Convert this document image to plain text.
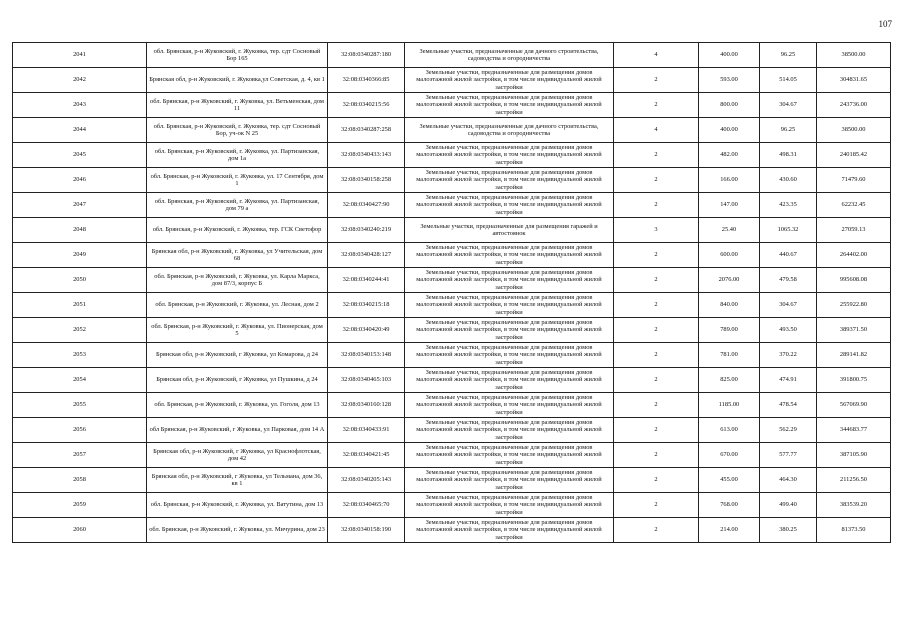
107
2041	обл. Брянская, р-н Жуковский, г. Жуковка, тер. сдт Сосновый Бор 165	32:08:0340287:180	Земельные участки, предназначенные для дачного строительства, садоводства и огородничества	4	400.00	96.25	38500.00
2042	Брянская обл, р-н Жуковский, г. Жуковка,ул Советская, д. 4, кв 1	32:08:0340366:85	Земельные участки, предназначенные для размещения домов малоэтажной жилой застройки, в том числе индивидуальной жилой застройки	2	593.00	514.05	304831.65
2043	обл. Брянская, р-н Жуковский, г. Жуковка, ул. Ветьменская, дом 11	32:08:0340215:56	Земельные участки, предназначенные для размещения домов малоэтажной жилой застройки, в том числе индивидуальной жилой застройки	2	800.00	304.67	243736.00
2044	обл. Брянская, р-н Жуковский, г. Жуковка, тер. сдт Сосновый Бор, уч-ок N 25	32:08:0340287:258	Земельные участки, предназначенные для дачного строительства, садоводства и огородничества	4	400.00	96.25	38500.00
2045	обл. Брянская, р-н Жуковский, г. Жуковка, ул. Партизанская, дом 1а	32:08:0340433:143	Земельные участки, предназначенные для размещения домов малоэтажной жилой застройки, в том числе индивидуальной жилой застройки	2	482.00	498.31	240185.42
2046	обл. Брянская, р-н Жуковский, г. Жуковка, ул. 17 Сентября, дом 1	32:08:0340158:258	Земельные участки, предназначенные для размещения домов малоэтажной жилой застройки, в том числе индивидуальной жилой застройки	2	166.00	430.60	71479.60
2047	обл. Брянская, р-н Жуковский, г. Жуковка, ул. Партизанская, дом 79 а	32:08:0340427:90	Земельные участки, предназначенные для размещения домов малоэтажной жилой застройки, в том числе индивидуальной жилой застройки	2	147.00	423.35	62232.45
2048	обл. Брянская, р-н Жуковский, г. Жуковка, тер. ГСК Светофор	32:08:0340240:219	Земельные участки, предназначенные для размещения гаражей и автостоянок	3	25.40	1065.32	27059.13
2049	Брянская обл, р-н Жуковский, г. Жуковка, ул Учительская, дом 68	32:08:0340428:127	Земельные участки, предназначенные для размещения домов малоэтажной жилой застройки, в том числе индивидуальной жилой застройки	2	600.00	440.67	264402.00
2050	обл. Брянская, р-н Жуковский, г. Жуковка, ул. Карла Маркса, дом 87/3, корпус Б	32:08:0340244:41	Земельные участки, предназначенные для размещения домов малоэтажной жилой застройки, в том числе индивидуальной жилой застройки	2	2076.00	479.58	995608.08
2051	обл. Брянская, р-н Жуковский, г. Жуковка, ул. Лесная, дом 2	32:08:0340215:18	Земельные участки, предназначенные для размещения домов малоэтажной жилой застройки, в том числе индивидуальной жилой застройки	2	840.00	304.67	255922.80
2052	обл. Брянская, р-н Жуковский, г. Жуковка, ул. Пионерская, дом 5	32:08:0340420:49	Земельные участки, предназначенные для размещения домов малоэтажной жилой застройки, в том числе индивидуальной жилой застройки	2	789.00	493.50	389371.50
2053	Брянская обл, р-н Жуковский, г Жуковка, ул Комарова, д 24	32:08:0340153:148	Земельные участки, предназначенные для размещения домов малоэтажной жилой застройки, в том числе индивидуальной жилой застройки	2	781.00	370.22	289141.82
2054	Брянская обл, р-н Жуковский, г Жуковка, ул Пушкина, д 24	32:08:0340465:103	Земельные участки, предназначенные для размещения домов малоэтажной жилой застройки, в том числе индивидуальной жилой застройки	2	825.00	474.91	391800.75
2055	обл. Брянская, р-н Жуковский, г. Жуковка, ул. Гоголя, дом 13	32:08:0340160:128	Земельные участки, предназначенные для размещения домов малоэтажной жилой застройки, в том числе индивидуальной жилой застройки	2	1185.00	478.54	567069.90
2056	обл Брянская, р-н Жуковский, г Жуковка, ул Парковая, дом 14 А	32:08:0340433:91	Земельные участки, предназначенные для размещения домов малоэтажной жилой застройки, в том числе индивидуальной жилой застройки	2	613.00	562.29	344683.77
2057	Брянская обл, р-н Жуковский, г Жуковка, ул Краснофлотская, дом 42	32:08:0340421:45	Земельные участки, предназначенные для размещения домов малоэтажной жилой застройки, в том числе индивидуальной жилой застройки	2	670.00	577.77	387105.90
2058	Брянская обл, р-н Жуковский, г Жуковка, ул Тельмана, дом 36, кв 1	32:08:0340205:143	Земельные участки, предназначенные для размещения домов малоэтажной жилой застройки, в том числе индивидуальной жилой застройки	2	455.00	464.30	211256.50
2059	обл. Брянская, р-н Жуковский, г. Жуковка, ул. Ватутина, дом 13	32:08:0340465:70	Земельные участки, предназначенные для размещения домов малоэтажной жилой застройки, в том числе индивидуальной жилой застройки	2	768.00	499.40	383539.20
2060	обл. Брянская, р-н Жуковский, г. Жуковка, ул. Мичурина, дом 23	32:08:0340158:190	Земельные участки, предназначенные для размещения домов малоэтажной жилой застройки, в том числе индивидуальной жилой застройки	2	214.00	380.25	81373.50
